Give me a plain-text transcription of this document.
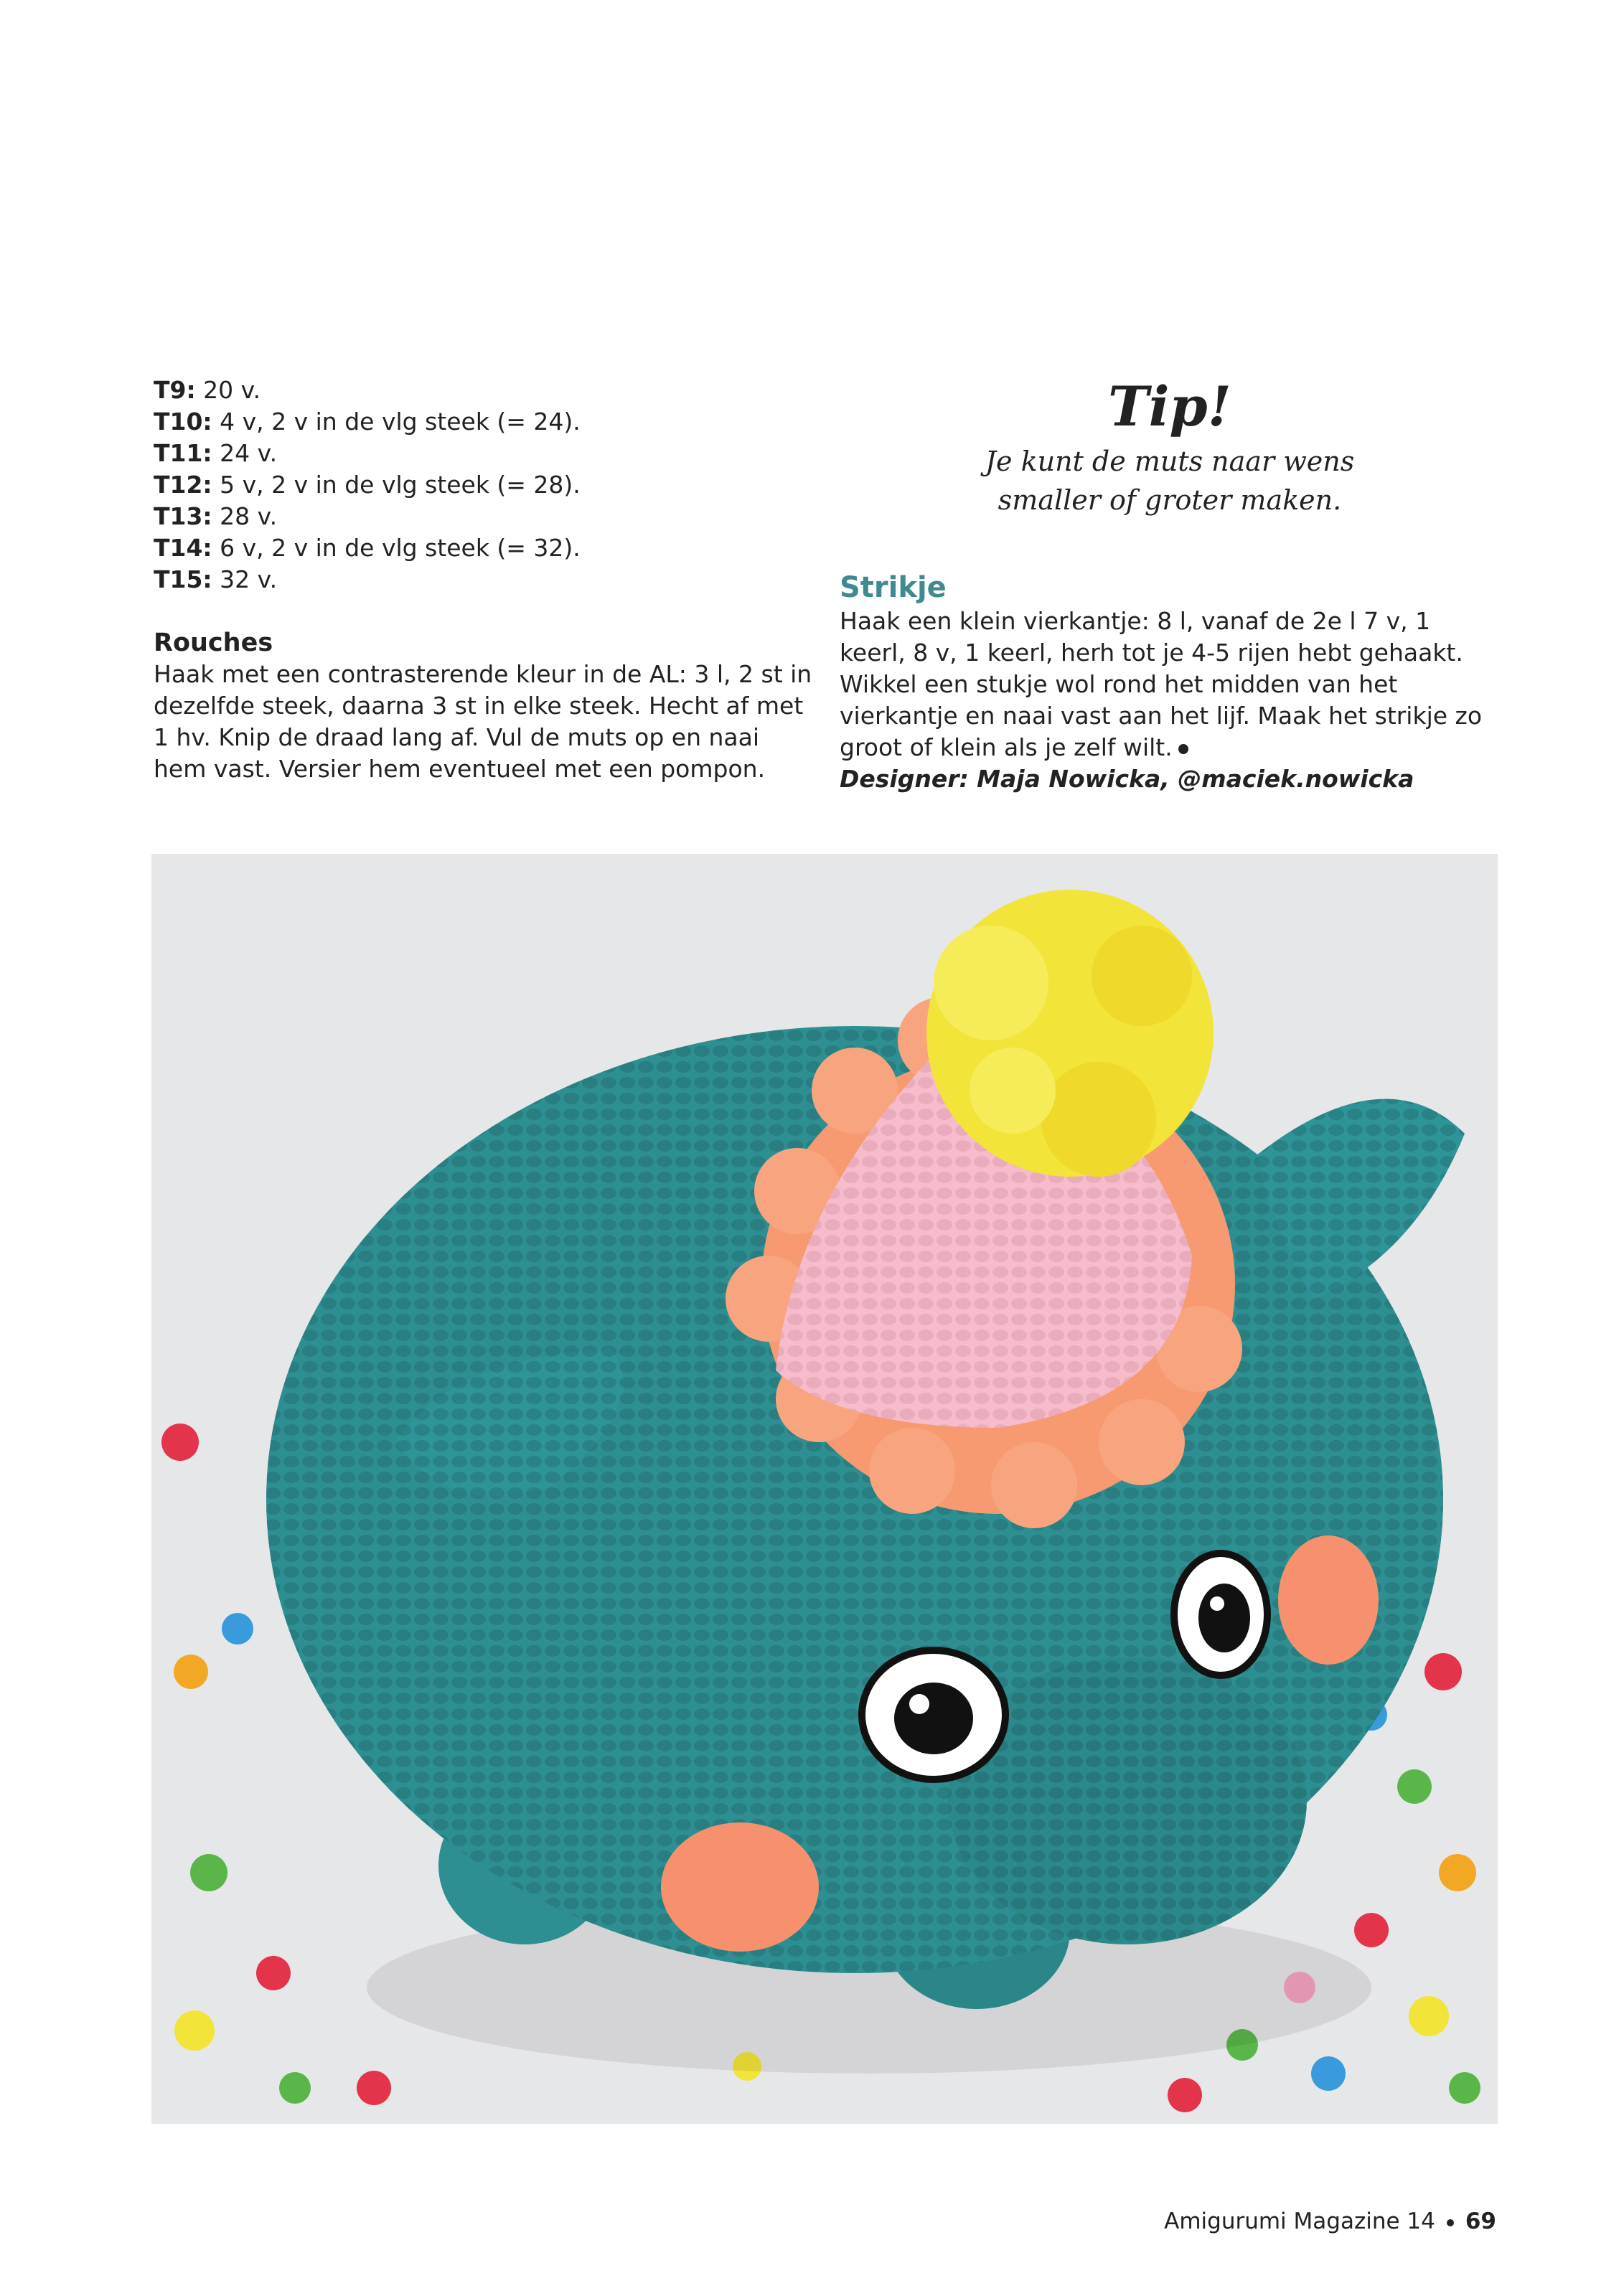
T9: 20 v.
T10: 4 v, 2 v in de vlg steek (= 24).
T11: 24 v.
T12: 5 v, 2 v in de vlg steek (= 28).
T13: 28 v.
T14: 6 v, 2 v in de vlg steek (= 32).
T15: 32 v.
Rouches
Haak met een contrasterende kleur in de AL: 3 l, 2 st in dezelfde steek, daarna 3 st in elke steek. Hecht af met 1 hv. Knip de draad lang af. Vul de muts op en naai hem vast. Versier hem eventueel met een pompon.
Tip!
Je kunt de muts naar wens
smaller of groter maken.
Strikje
Haak een klein vierkantje: 8 l, vanaf de 2e l 7 v, 1 keerl, 8 v, 1 keerl, herh tot je 4-5 rijen hebt gehaakt. Wikkel een stukje wol rond het midden van het vierkantje en naai vast aan het lijf. Maak het strikje zo groot of klein als je zelf wilt.
Designer: Maja Nowicka, @maciek.nowicka
Amigurumi Magazine 14 69
